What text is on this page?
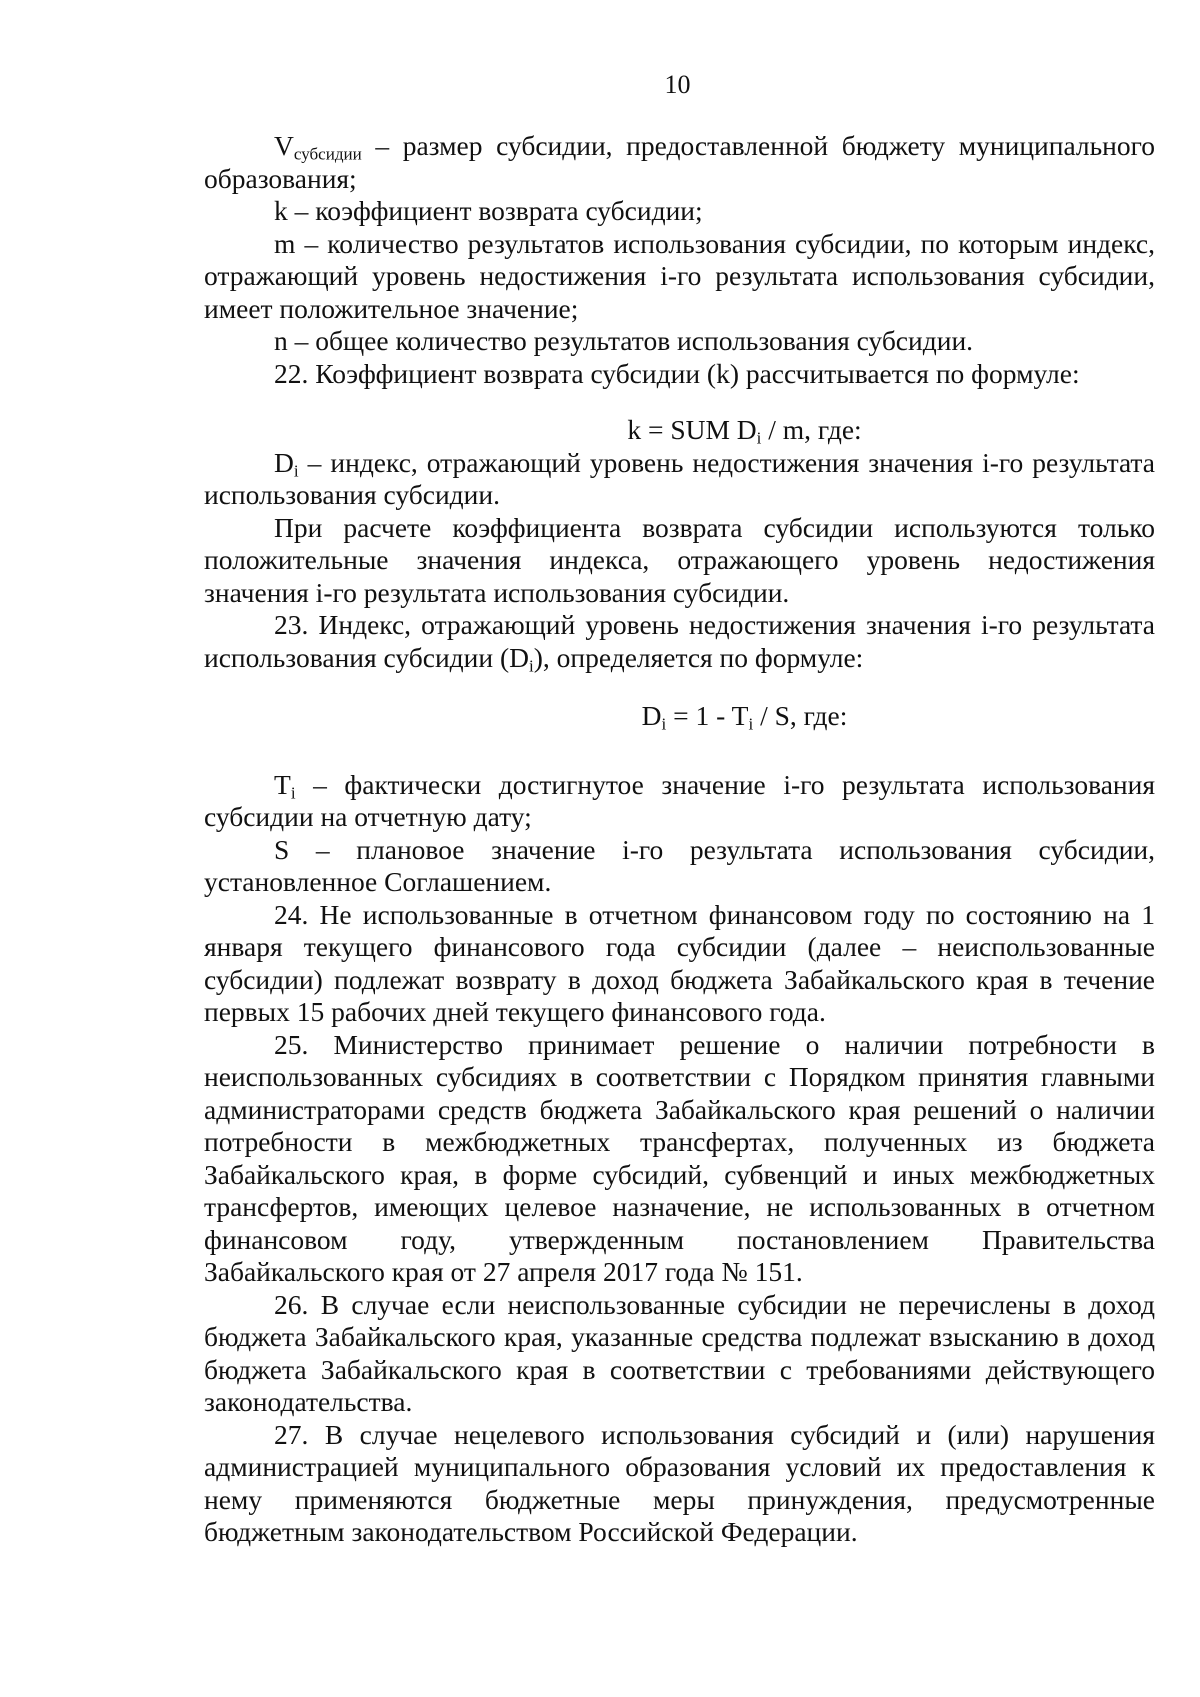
10

$V_{субсидии}$ – размер субсидии, предоставленной бюджету муниципального образования;

k – коэффициент возврата субсидии;

m – количество результатов использования субсидии, по которым индекс, отражающий уровень недостижения i-го результата использования субсидии, имеет положительное значение;

n – общее количество результатов использования субсидии.

22. Коэффициент возврата субсидии (k) рассчитывается по формуле:

k = SUM $D_i$ / m, где:

$D_i$ – индекс, отражающий уровень недостижения значения i-го результата использования субсидии.

При расчете коэффициента возврата субсидии используются только положительные значения индекса, отражающего уровень недостижения значения i-го результата использования субсидии.

23. Индекс, отражающий уровень недостижения значения i-го результата использования субсидии $(D_i)$, определяется по формуле:

$D_i = 1 - T_i / S$, где:

$T_i$ – фактически достигнутое значение i-го результата использования субсидии на отчетную дату;

S – плановое значение i-го результата использования субсидии, установленное Соглашением.

24. Не использованные в отчетном финансовом году по состоянию на 1 января текущего финансового года субсидии (далее – неиспользованные субсидии) подлежат возврату в доход бюджета Забайкальского края в течение первых 15 рабочих дней текущего финансового года.

25. Министерство принимает решение о наличии потребности в неиспользованных субсидиях в соответствии с Порядком принятия главными администраторами средств бюджета Забайкальского края решений о наличии потребности в межбюджетных трансфертах, полученных из бюджета Забайкальского края, в форме субсидий, субвенций и иных межбюджетных трансфертов, имеющих целевое назначение, не использованных в отчетном финансовом году, утвержденным постановлением Правительства Забайкальского края от 27 апреля 2017 года № 151.

26. В случае если неиспользованные субсидии не перечислены в доход бюджета Забайкальского края, указанные средства подлежат взысканию в доход бюджета Забайкальского края в соответствии с требованиями действующего законодательства.

27. В случае нецелевого использования субсидий и (или) нарушения администрацией муниципального образования условий их предоставления к нему применяются бюджетные меры принуждения, предусмотренные бюджетным законодательством Российской Федерации.
